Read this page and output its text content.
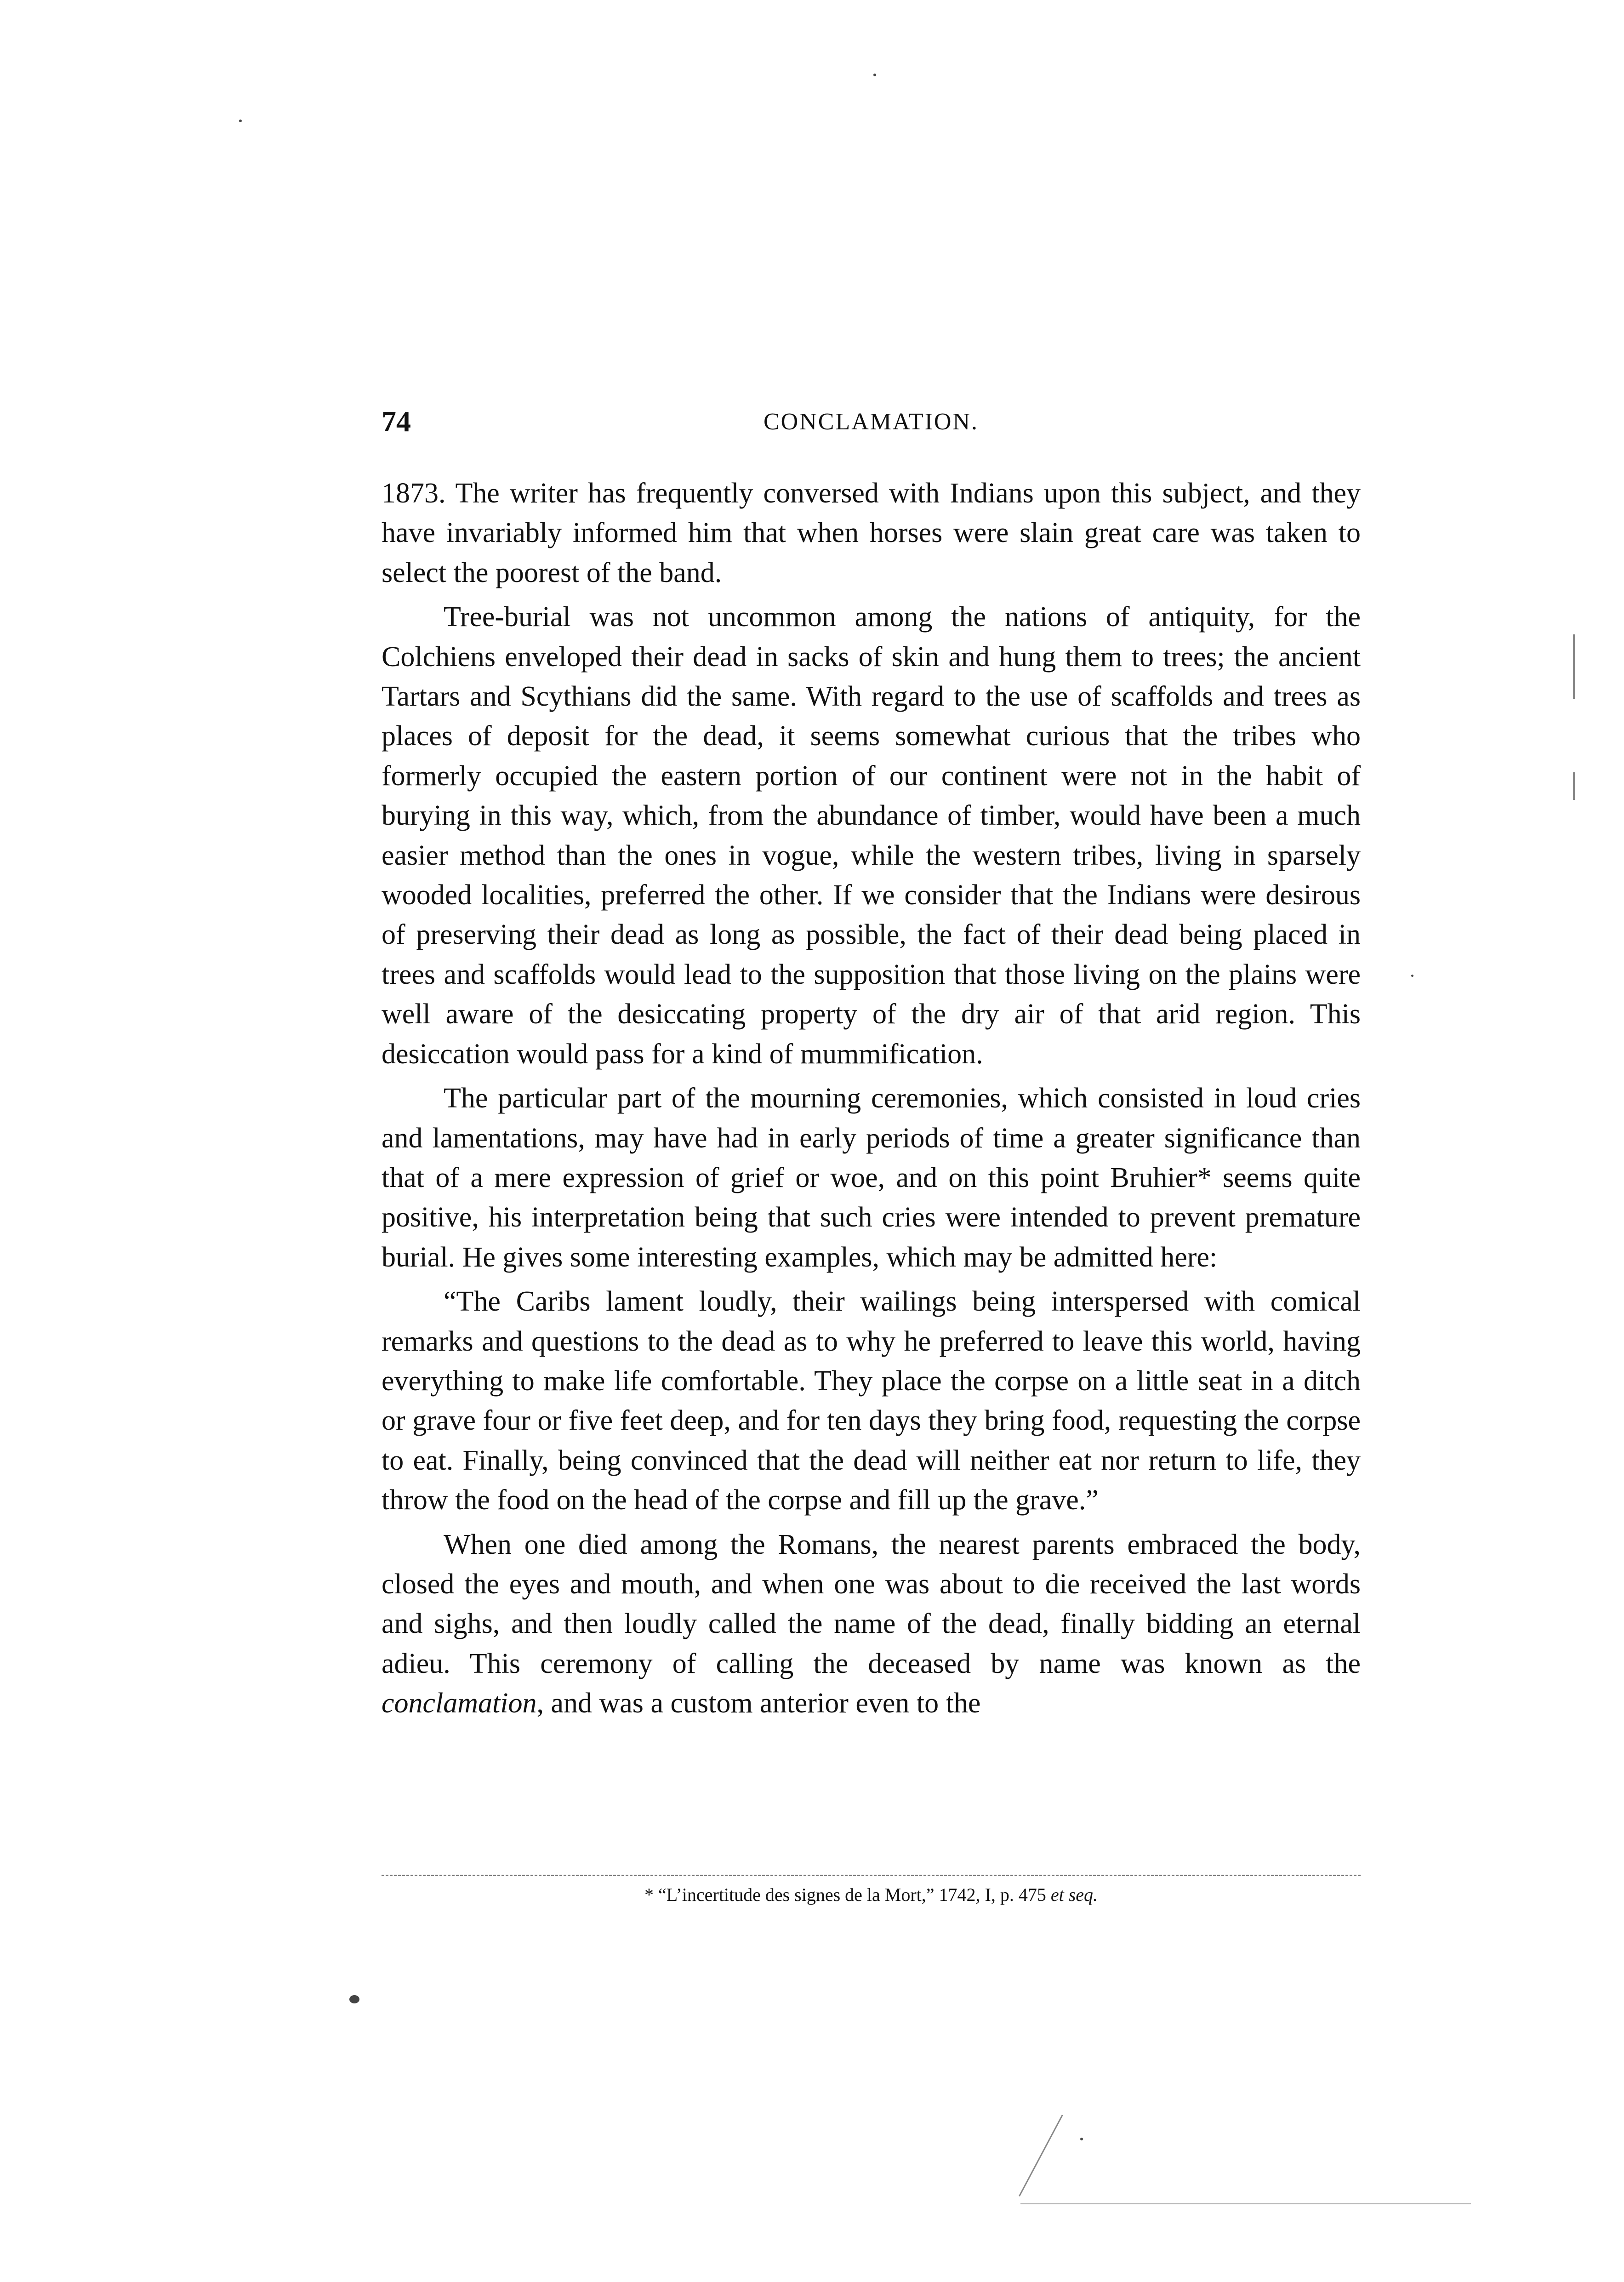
74	CONCLAMATION.

1873. The writer has frequently conversed with Indians upon this subject, and they have invariably informed him that when horses were slain great care was taken to select the poorest of the band.

Tree-burial was not uncommon among the nations of antiquity, for the Colchiens enveloped their dead in sacks of skin and hung them to trees; the ancient Tartars and Scythians did the same. With regard to the use of scaffolds and trees as places of deposit for the dead, it seems somewhat curious that the tribes who formerly occupied the eastern portion of our continent were not in the habit of burying in this way, which, from the abundance of timber, would have been a much easier method than the ones in vogue, while the western tribes, living in sparsely wooded localities, preferred the other. If we consider that the Indians were desirous of preserving their dead as long as possible, the fact of their dead being placed in trees and scaffolds would lead to the supposition that those living on the plains were well aware of the desiccating property of the dry air of that arid region. This desiccation would pass for a kind of mummification.

The particular part of the mourning ceremonies, which consisted in loud cries and lamentations, may have had in early periods of time a greater significance than that of a mere expression of grief or woe, and on this point Bruhier* seems quite positive, his interpretation being that such cries were intended to prevent premature burial. He gives some interesting examples, which may be admitted here:

“The Caribs lament loudly, their wailings being interspersed with comical remarks and questions to the dead as to why he preferred to leave this world, having everything to make life comfortable. They place the corpse on a little seat in a ditch or grave four or five feet deep, and for ten days they bring food, requesting the corpse to eat. Finally, being convinced that the dead will neither eat nor return to life, they throw the food on the head of the corpse and fill up the grave.”

When one died among the Romans, the nearest parents embraced the body, closed the eyes and mouth, and when one was about to die received the last words and sighs, and then loudly called the name of the dead, finally bidding an eternal adieu. This ceremony of calling the deceased by name was known as the conclamation, and was a custom anterior even to the

* “L’incertitude des signes de la Mort,” 1742, I, p. 475 et seq.
